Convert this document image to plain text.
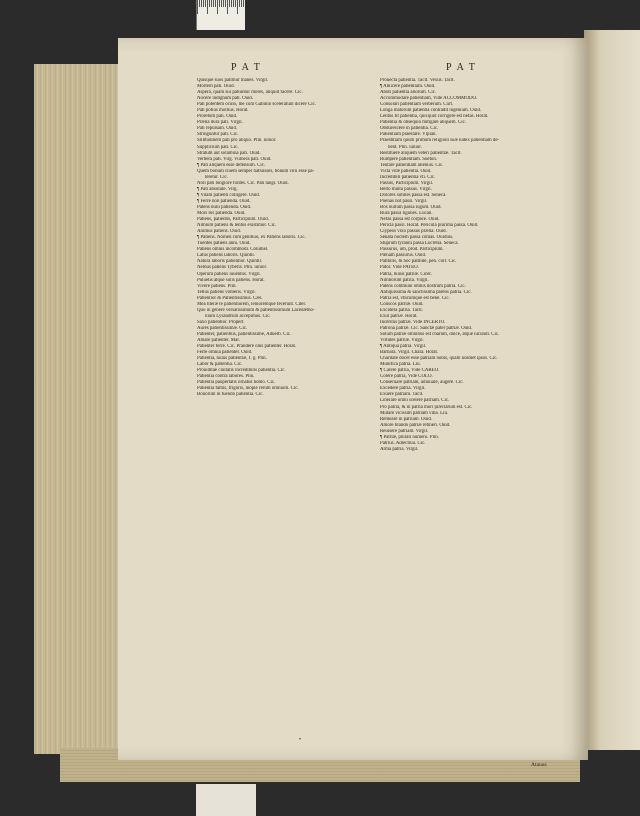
PAT	PAT
Quisque suos patimur manes. Virgil.
Mortem pati. Ouid.
Aspera, quam sui patiuntur mores, aliquid facere. Cic.
Nocere indignum pati. Ouid.
Pati potentem oculo, me cum Gabinio sceleratum dicere Cic.
Pati potius mollius. Horat.
Proretum pati. Ouid.
Prælia dura pati. Virgil.
Pati repulsam. Ouid.
Stringuntur pati. Cic.
Sillitudinem pati pro aliquo. Plin. iunior.
Supplicium pati. Cic.
Stratum aut solamina pati. Ouid.
Verbera pati. Virg. Vulnera pati. Ouid.
¶ Pati aliquem esse defensum. Cic.
Quem bonum ciuem semper habuisses, bonum virū esse pa-
teretur. Cic.
Noli pati longiore fontes. Cic. Pati tangi. Ouid.
¶ Pati absolute. Virg.
¶ Vilam patienti colligere. Ouid.
¶ Ferre non patienda. Ouid.
Patens nulli patienda. Ouid.
Mors bis patienda. Ouid.
Patiens, patientis, Participium. Ouid.
Nimium patiens & lentus existimor. Cic.
Animus patiens. Ouid.
¶ Patiens. Nomen cum genitiuo, ex Patiens laboris. Cic.
Tuentes patiens anni. Ouid.
Patiens omnis incommodi. Columel.
Latus patiens laboris. Quintil.
Natura laboris patientior. Quintil.
Nemus patiens Tyberis. Plin. iunior.
Operum patiens iuuentus. Virgil.
Puluetis atque solis patiens. Horat.
Vivere patiens. Plin.
Tellus patiens vomeris. Virgil.
Patientior & Patientissimus. Cæs.
Mea literæ te patientiorem, lenioremque fecerunt. Citer.
Quo in genere versatissimum & patientissimum Lacedæmo-
nium Lysandrum accepimus. Cic.
Saxo patientior. Propert.
Aures patientissimæ. Cic.
Patienter, patientius, patientissime, Aduerb. Cic.
Amare patienter. Mar.
Patienter ferre. Cic. Prandere olus patienter. Horat.
Ferre omnia patienter. Ouid.
Patientia, huius patientiæ, f. g. Plin.
Labor & patientia. Cic.
Prouiditae ciuitatis incredibilis patientia. Cic.
Patientia contra labores. Plin.
Patientia paupertatis ornatus homo. Cic.
Patientia famis, frigoris, inopie rerum omnium. Cic.
Bonorum in tuendo patientia. Cic.
Prouecta patientia. Tacit. Vexus. Tacit.
¶ Abiicere patientiam. Ouid.
Abuti patientia aliorum. Cic.
Accommodare patientiam, Vide ACCOMMODO.
Consolari patientiam verberum. Curt.
Longa malorum patientia contradit ingenium. Ouid.
Lentus fit patientia, quicquid corrigere est nefas. Horat.
Patientia & obsequio mitigare aliquem. Cic.
Obdurescere in patientia. Cic.
Patientiam praestare. Vlpian.
Praestitiam quum primum religioni suæ iudex patientiam de-
bent. Plin. iunior.
Restituere aliquem veteri patientiæ. Tacit.
Rumpere patientiam. Sueton.
Tentare patientiam alienius. Cic.
Victa vitæ patientia. Ouid.
Incredibili patientia vti. Cic.
Passus, Participium. Virgil.
Bello multa passus. Virgil.
Dolores similes passa est. Seneca.
Poenas not passi. Virgil.
Bos nullum passa iugum. Ouid.
Rura passa ligones. Lucan.
Nefas passa est corpore. Ouid.
Pericla passi. Horat. Pericula plurima passa. Ouid.
Clypeos vixo passus prælia. Ouid.
Senata noctem passa comas. Ouidius.
Stuprum tyranni passa Lucretia. Seneca.
Passurus, um, prod. Participium.
Pœnam passurus. Ouid.
Patibilis, & hoc patibile, pen. corr. Cic.
Pator. Vide PATEO.
Patria, huius patriæ. Cicer.
Nimborum patria. Virgil.
Patens communi omnis nostrûm patria. Cic.
Antiquissima & sanctissima parens patria. Cic.
Patria est, vbicumque est bene. Cic.
Conscos patriæ. Ouid.
Excidera patria. Tacit.
Exul patriæ. Horat.
Inceritus patriæ. Vide INCERTO.
Patrona patriæ. Cic. Sanctæ pater patriæ. Ouid.
Solum patriæ omnibus est charum, dulce, atque iucundi. Cic.
Virtutes patriæ. Virgil.
¶ Antiqua patria. Virgil.
Barbara. Virgil. Chara. Horat.
Charitate docet esse patriam nobis, quam nosmet ipsos. Cic.
Munifica patria. Liu.
¶ Carere patria, Vide CAREO.
Colere patria, Vide COLO.
Conseruare patriam, adiuuare, augere. Cic.
Excedere patria. Virgil.
Exuere patriam. Tacit.
Liberare omni scelere patriam. Cic.
Pro patria, & in patria mori præclarum est. Cic.
Mutare vicissim patriam vitia. Liu.
Remeare in patriam. Ouid.
Amore blando patriæ retineri. Ouid.
Reuisere patriam. Virgil.
¶ Patriæ, plurali numero. Plin.
Patrius. Adiectiuū. Cic.
Arma patria. Virgil.
•
Atauus
